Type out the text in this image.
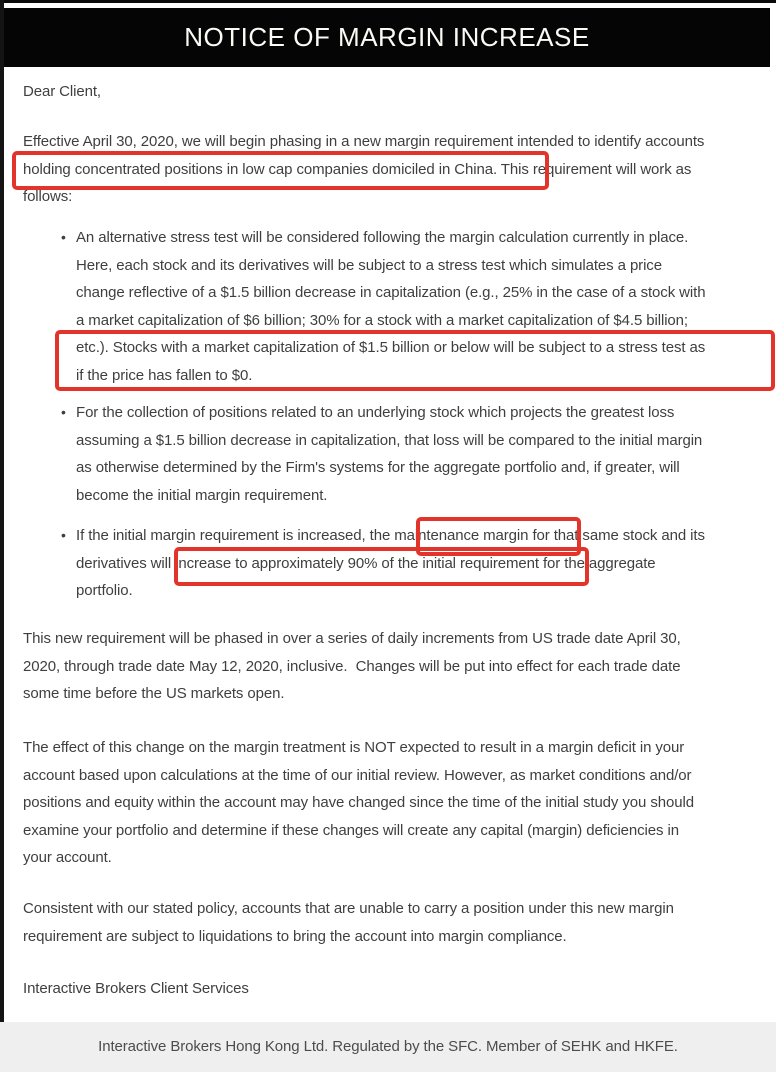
NOTICE OF MARGIN INCREASE
Dear Client,
Effective April 30, 2020, we will begin phasing in a new margin requirement intended to identify accounts
holding concentrated positions in low cap companies domiciled in China. This requirement will work as
follows:
• An alternative stress test will be considered following the margin calculation currently in place.
Here, each stock and its derivatives will be subject to a stress test which simulates a price
change reflective of a $1.5 billion decrease in capitalization (e.g., 25% in the case of a stock with
a market capitalization of $6 billion; 30% for a stock with a market capitalization of $4.5 billion;
etc.). Stocks with a market capitalization of $1.5 billion or below will be subject to a stress test as
if the price has fallen to $0.
• For the collection of positions related to an underlying stock which projects the greatest loss
assuming a $1.5 billion decrease in capitalization, that loss will be compared to the initial margin
as otherwise determined by the Firm's systems for the aggregate portfolio and, if greater, will
become the initial margin requirement.
• If the initial margin requirement is increased, the maintenance margin for that same stock and its
derivatives will increase to approximately 90% of the initial requirement for the aggregate
portfolio.
This new requirement will be phased in over a series of daily increments from US trade date April 30,
2020, through trade date May 12, 2020, inclusive.  Changes will be put into effect for each trade date
some time before the US markets open.
The effect of this change on the margin treatment is NOT expected to result in a margin deficit in your
account based upon calculations at the time of our initial review. However, as market conditions and/or
positions and equity within the account may have changed since the time of the initial study you should
examine your portfolio and determine if these changes will create any capital (margin) deficiencies in
your account.
Consistent with our stated policy, accounts that are unable to carry a position under this new margin
requirement are subject to liquidations to bring the account into margin compliance.
Interactive Brokers Client Services
Interactive Brokers Hong Kong Ltd. Regulated by the SFC. Member of SEHK and HKFE.
